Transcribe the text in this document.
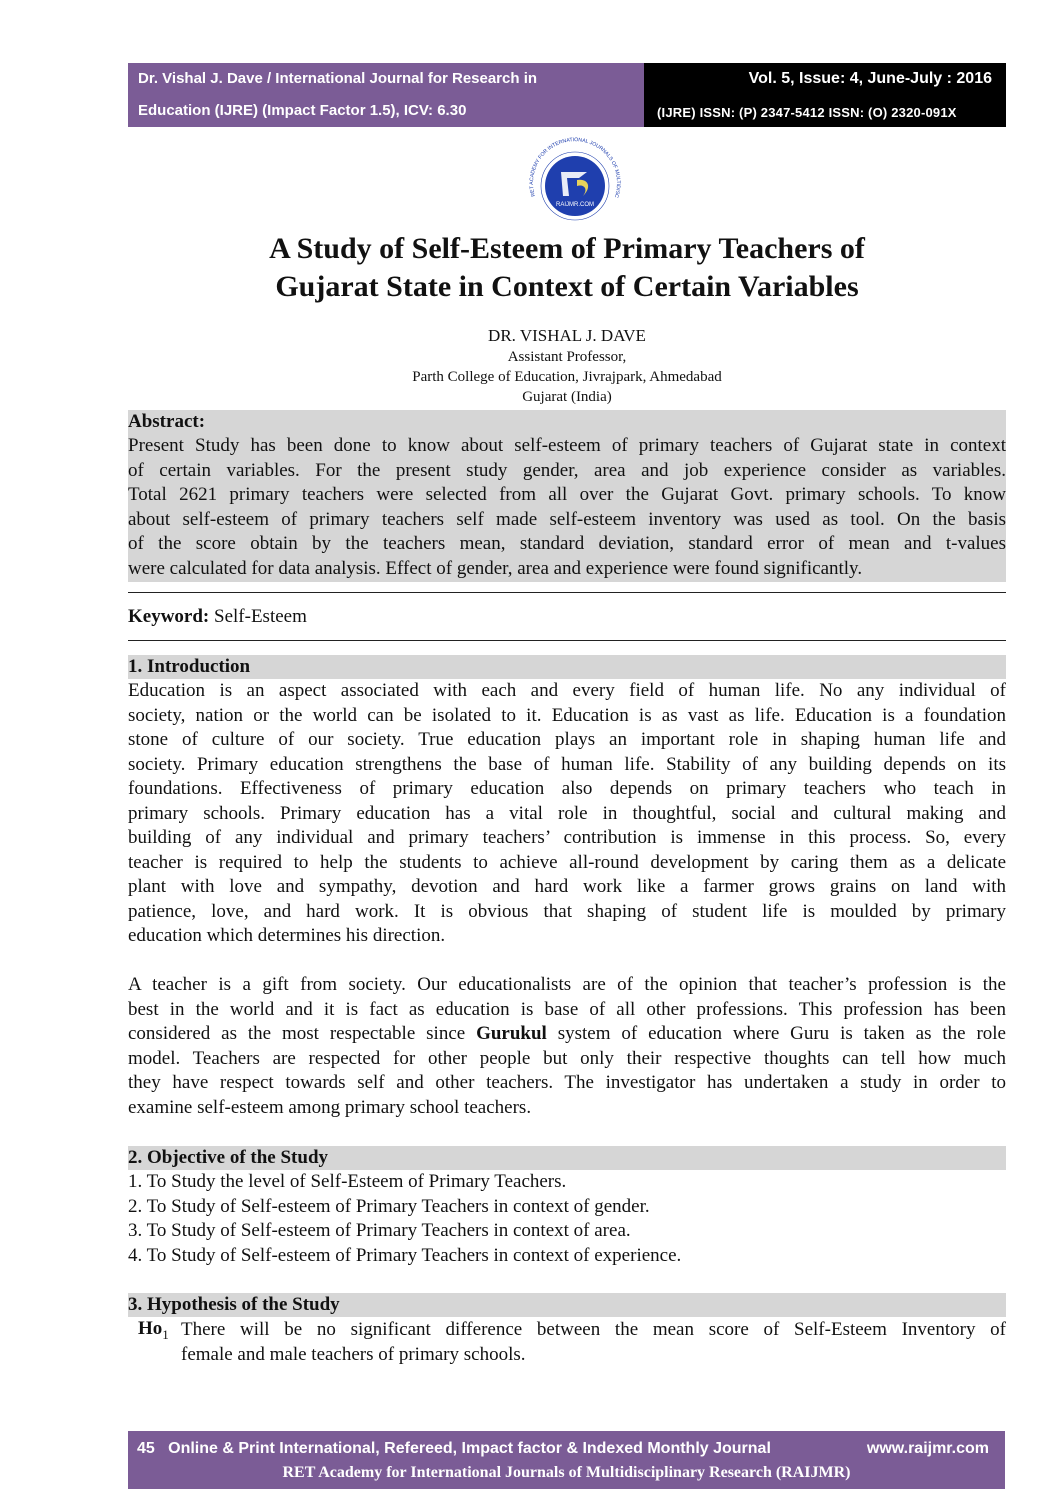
Dr. Vishal J. Dave / International Journal for Research in
Education (IJRE) (Impact Factor 1.5), ICV: 6.30
Vol. 5, Issue: 4, June-July : 2016
(IJRE) ISSN: (P) 2347-5412 ISSN: (O) 2320-091X
RAIJMR.COM
RET ACADEMY FOR INTERNATIONAL JOURNALS OF MULTIDISC
A Study of Self-Esteem of Primary Teachers of
Gujarat State in Context of Certain Variables
DR. VISHAL J. DAVE
Assistant Professor,
Parth College of Education, Jivrajpark, Ahmedabad
Gujarat (India)
Abstract:
Present Study has been done to know about self-esteem of primary teachers of Gujarat state in context
of certain variables. For the present study gender, area and job experience consider as variables.
Total 2621 primary teachers were selected from all over the Gujarat Govt. primary schools. To know
about self-esteem of primary teachers self made self-esteem inventory was used as tool. On the basis
of the score obtain by the teachers mean, standard deviation, standard error of mean and t-values
were calculated for data analysis. Effect of gender, area and experience were found significantly.
Keyword: Self-Esteem
1. Introduction
Education is an aspect associated with each and every field of human life. No any individual of
society, nation or the world can be isolated to it. Education is as vast as life. Education is a foundation
stone of culture of our society. True education plays an important role in shaping human life and
society. Primary education strengthens the base of human life. Stability of any building depends on its
foundations. Effectiveness of primary education also depends on primary teachers who teach in
primary schools. Primary education has a vital role in thoughtful, social and cultural making and
building of any individual and primary teachers’ contribution is immense in this process. So, every
teacher is required to help the students to achieve all-round development by caring them as a delicate
plant with love and sympathy, devotion and hard work like a farmer grows grains on land with
patience, love, and hard work. It is obvious that shaping of student life is moulded by primary
education which determines his direction.
A teacher is a gift from society. Our educationalists are of the opinion that teacher’s profession is the
best in the world and it is fact as education is base of all other professions. This profession has been
considered as the most respectable since Gurukul system of education where Guru is taken as the role
model. Teachers are respected for other people but only their respective thoughts can tell how much
they have respect towards self and other teachers. The investigator has undertaken a study in order to
examine self-esteem among primary school teachers.
2. Objective of the Study
1. To Study the level of Self-Esteem of Primary Teachers.
2. To Study of Self-esteem of Primary Teachers in context of gender.
3. To Study of Self-esteem of Primary Teachers in context of area.
4. To Study of Self-esteem of Primary Teachers in context of experience.
3. Hypothesis of the Study
$Ho_1$ There will be no significant difference between the mean score of Self-Esteem Inventory of
female and male teachers of primary schools.
45 Online & Print International, Refereed, Impact factor & Indexed Monthly Journal	www.raijmr.com
RET Academy for International Journals of Multidisciplinary Research (RAIJMR)
